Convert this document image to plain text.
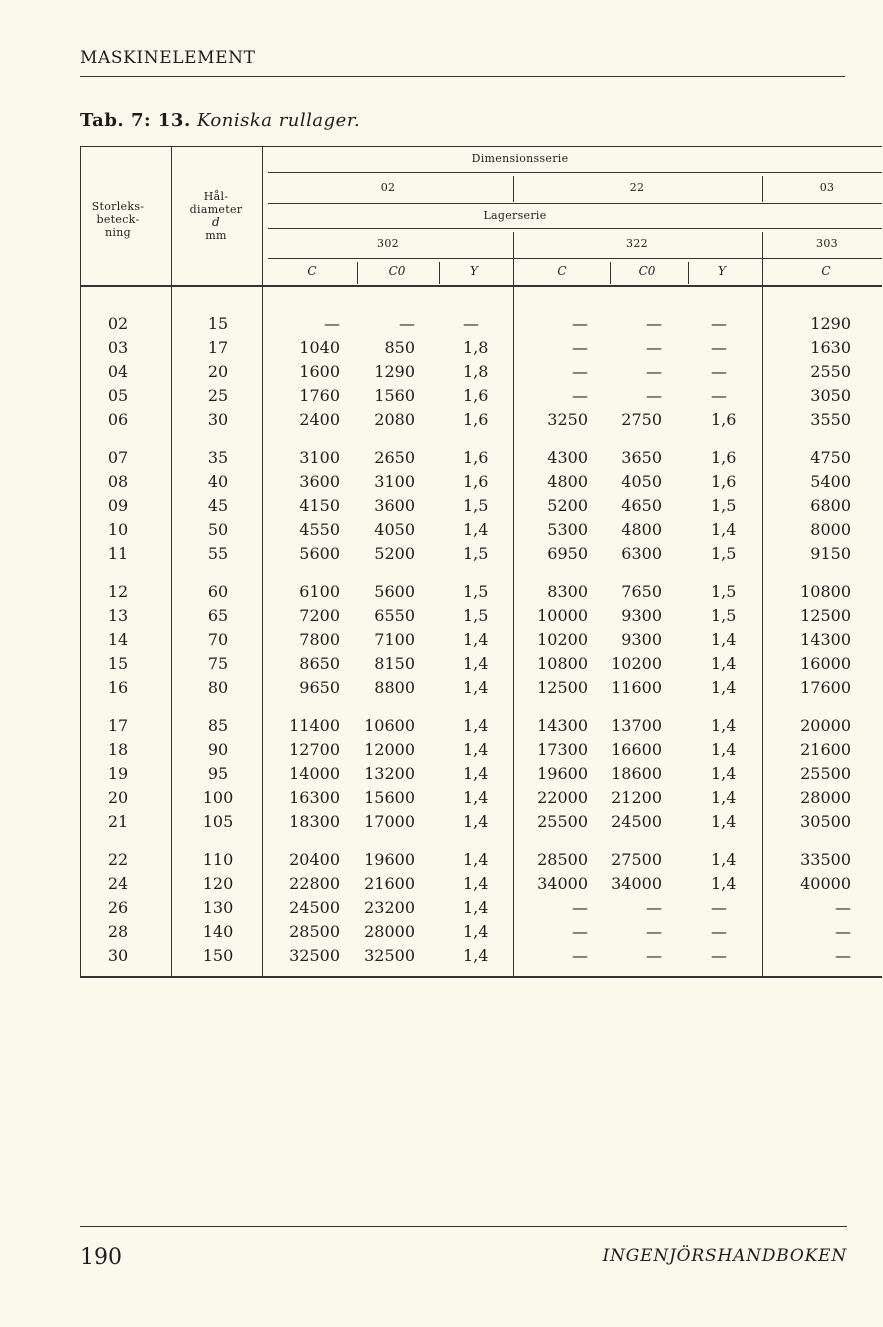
MASKINELEMENT
Tab. 7: 13. Koniska rullager.
Storleks-
beteck-
ning
Hål-
diameter
d
mm
Dimensionsserie
02	22	03
Lagerserie
302	322	303
C	C0	Y	C	C0	Y	C
02	15	—	—	—	—	—	—	1290
03	17	1040	850	1,8	—	—	—	1630
04	20	1600 1290	1,8	—	—	—	2550
05	25	1760 1560	1,6	—	—	—	3050
06	30	2400 2080	1,6	3250 2750	1,6	3550
07	35	3100 2650	1,6	4300 3650	1,6	4750
08	40	3600 3100	1,6	4800 4050	1,6	5400
09	45	4150 3600	1,5	5200 4650	1,5	6800
10	50	4550 4050	1,4	5300 4800	1,4	8000
11	55	5600 5200	1,5	6950 6300	1,5	9150
12	60	6100 5600	1,5	8300 7650	1,5	10800
13	65	7200 6550	1,5	10000 9300	1,5	12500
14	70	7800 7100	1,4	10200 9300	1,4	14300
15	75	8650 8150	1,4	10800 10200	1,4	16000
16	80	9650 8800	1,4	12500 11600	1,4	17600
17	85	11400 10600	1,4	14300 13700	1,4	20000
18	90	12700 12000	1,4	17300 16600	1,4	21600
19	95	14000 13200	1,4	19600 18600	1,4	25500
20	100	16300 15600	1,4	22000 21200	1,4	28000
21	105	18300 17000	1,4	25500 24500	1,4	30500
22	110	20400 19600	1,4	28500 27500	1,4	33500
24	120	22800 21600	1,4	34000 34000	1,4	40000
26	130	24500 23200	1,4	—	—	—	—
28	140	28500 28000	1,4	—	—	—	—
30	150	32500 32500	1,4	—	—	—	—
190	INGENJÖRSHANDBOKEN
